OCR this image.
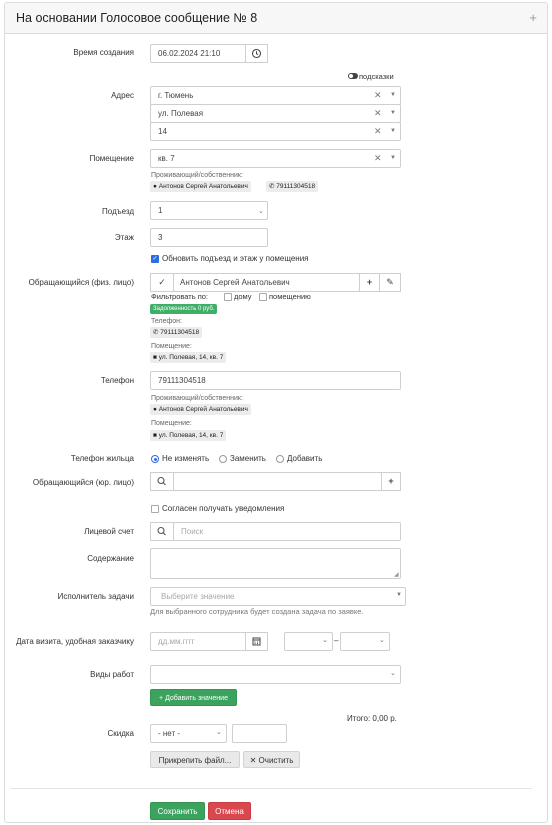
На основании Голосовое сообщение № 8	+
Время создания	06.02.2024 21:10
подсказки
Адрес	г. Тюмень	✕ ▼
ул. Полевая	✕ ▼
14	✕ ▼
Помещение	кв. 7	✕ ▼
Проживающий/собственник:
● Антонов Сергей Анатольевич	✆ 79111304518
Подъезд	1	⌄
Этаж	3
✓ Обновить подъезд и этаж у помещения
Обращающийся (физ. лицо)	✓	Антонов Сергей Анатольевич	+	✎
Фильтровать по:	дому помещению
Задолженность 0 руб.
Телефон:
✆ 79111304518
Помещение:
■ ул. Полевая, 14, кв. 7
Телефон	79111304518
Проживающий/собственник:
● Антонов Сергей Анатольевич
Помещение:
■ ул. Полевая, 14, кв. 7
Телефон жильца	Не изменять	Заменить	Добавить
Обращающийся (юр. лицо)	+
Согласен получать уведомления
Лицевой счет	Поиск
Содержание
◢
Исполнитель задачи	Выберите значение	▼
Для выбранного сотрудника будет создана задача по заявке.
Дата визита, удобная заказчику	дд.мм.гггг	⌄ –	⌄
Виды работ	⌄
+ Добавить значение
Итого: 0,00 р.
Скидка	- нет -	⌄
Прикрепить файл...	✕ Очистить
Сохранить	Отмена
